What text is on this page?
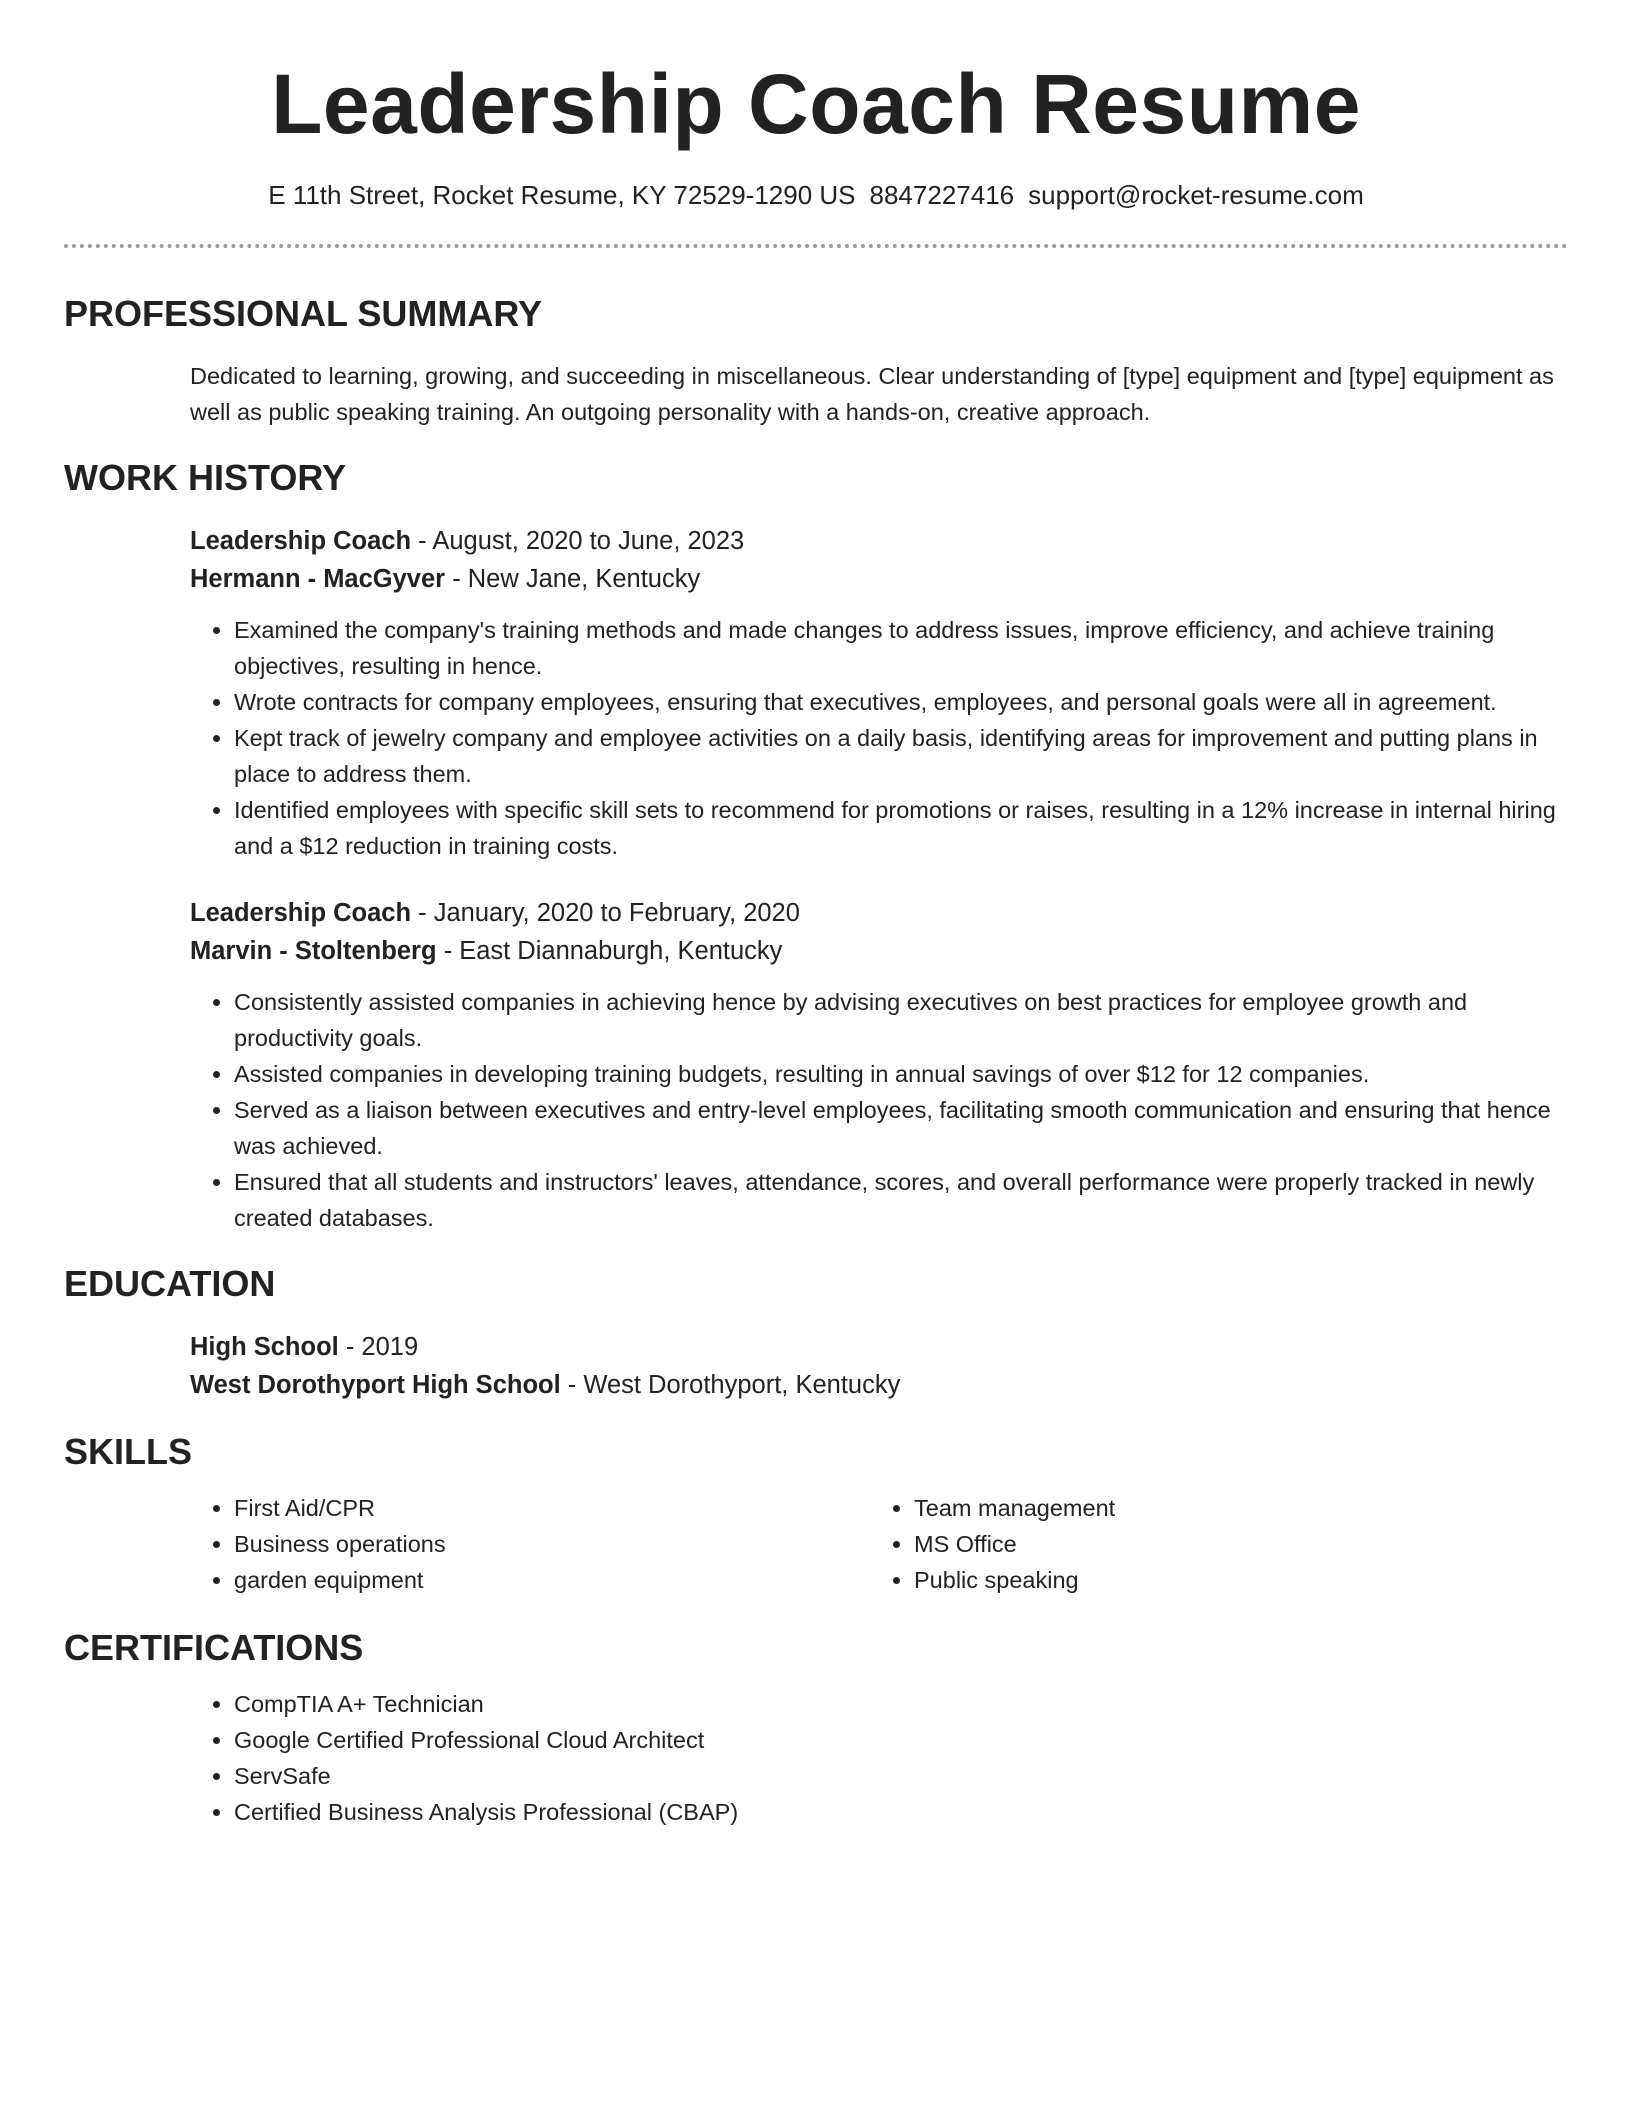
Leadership Coach Resume
E 11th Street, Rocket Resume, KY 72529-1290 US 8847227416 support@rocket-resume.com
PROFESSIONAL SUMMARY
Dedicated to learning, growing, and succeeding in miscellaneous. Clear understanding of [type] equipment and [type] equipment as well as public speaking training. An outgoing personality with a hands-on, creative approach.
WORK HISTORY
Leadership Coach - August, 2020 to June, 2023
Hermann - MacGyver - New Jane, Kentucky
• Examined the company's training methods and made changes to address issues, improve efficiency, and achieve training objectives, resulting in hence.
• Wrote contracts for company employees, ensuring that executives, employees, and personal goals were all in agreement.
• Kept track of jewelry company and employee activities on a daily basis, identifying areas for improvement and putting plans in place to address them.
• Identified employees with specific skill sets to recommend for promotions or raises, resulting in a 12% increase in internal hiring and a $12 reduction in training costs.
Leadership Coach - January, 2020 to February, 2020
Marvin - Stoltenberg - East Diannaburgh, Kentucky
• Consistently assisted companies in achieving hence by advising executives on best practices for employee growth and productivity goals.
• Assisted companies in developing training budgets, resulting in annual savings of over $12 for 12 companies.
• Served as a liaison between executives and entry-level employees, facilitating smooth communication and ensuring that hence was achieved.
• Ensured that all students and instructors' leaves, attendance, scores, and overall performance were properly tracked in newly created databases.
EDUCATION
High School - 2019
West Dorothyport High School - West Dorothyport, Kentucky
SKILLS
• First Aid/CPR
• Business operations
• garden equipment
• Team management
• MS Office
• Public speaking
CERTIFICATIONS
• CompTIA A+ Technician
• Google Certified Professional Cloud Architect
• ServSafe
• Certified Business Analysis Professional (CBAP)
